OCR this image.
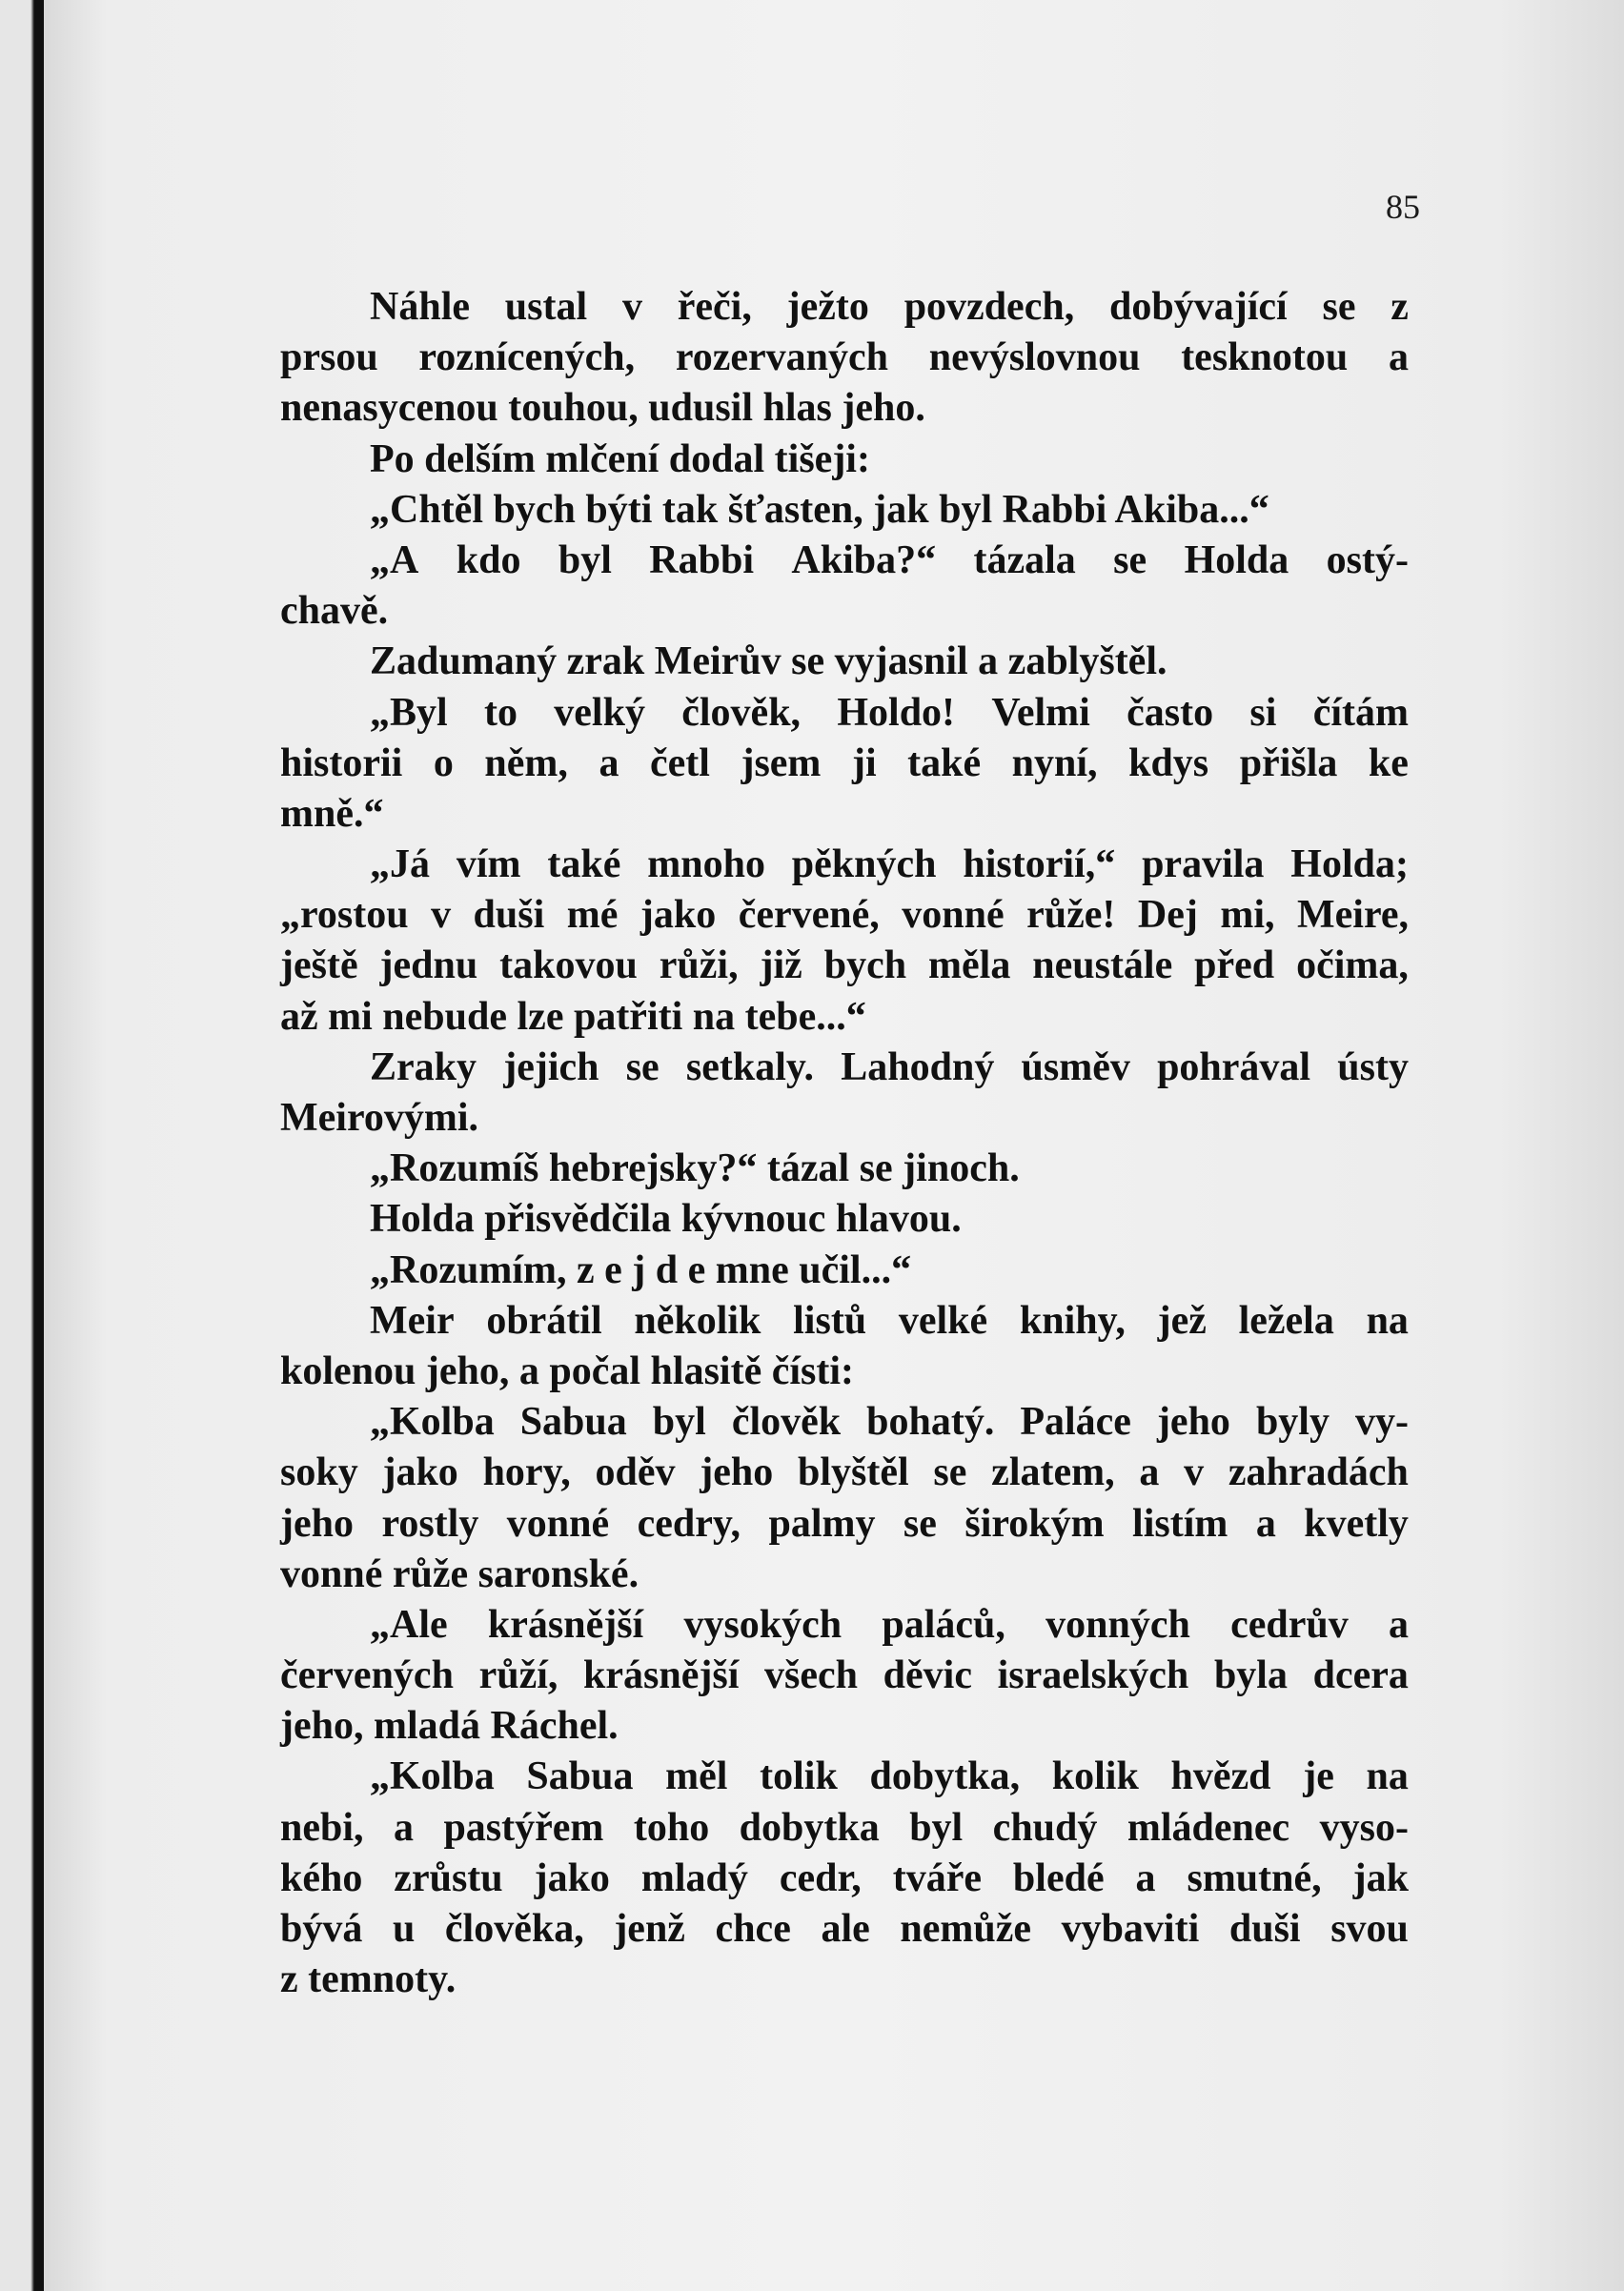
85
Náhle ustal v řeči, ježto povzdech, dobývající se z
prsou roznícených, rozervaných nevýslovnou tesknotou a
nenasycenou touhou, udusil hlas jeho.
Po delším mlčení dodal tišeji:
„Chtěl bych býti tak šťasten, jak byl Rabbi Akiba...“
„A kdo byl Rabbi Akiba?“ tázala se Holda ostý-
chavě.
Zadumaný zrak Meirův se vyjasnil a zablyštěl.
„Byl to velký člověk, Holdo! Velmi často si čítám
historii o něm, a četl jsem ji také nyní, kdys přišla ke
mně.“
„Já vím také mnoho pěkných historií,“ pravila Holda;
„rostou v duši mé jako červené, vonné růže! Dej mi, Meire,
ještě jednu takovou růži, již bych měla neustále před očima,
až mi nebude lze patřiti na tebe...“
Zraky jejich se setkaly. Lahodný úsměv pohrával ústy
Meirovými.
„Rozumíš hebrejsky?“ tázal se jinoch.
Holda přisvědčila kývnouc hlavou.
„Rozumím, z e j d e mne učil...“
Meir obrátil několik listů velké knihy, jež ležela na
kolenou jeho, a počal hlasitě čísti:
„Kolba Sabua byl člověk bohatý. Paláce jeho byly vy-
soky jako hory, oděv jeho blyštěl se zlatem, a v zahradách
jeho rostly vonné cedry, palmy se širokým listím a kvetly
vonné růže saronské.
„Ale krásnější vysokých paláců, vonných cedrův a
červených růží, krásnější všech děvic israelských byla dcera
jeho, mladá Ráchel.
„Kolba Sabua měl tolik dobytka, kolik hvězd je na
nebi, a pastýřem toho dobytka byl chudý mládenec vyso-
kého zrůstu jako mladý cedr, tváře bledé a smutné, jak
bývá u člověka, jenž chce ale nemůže vybaviti duši svou
z temnoty.
